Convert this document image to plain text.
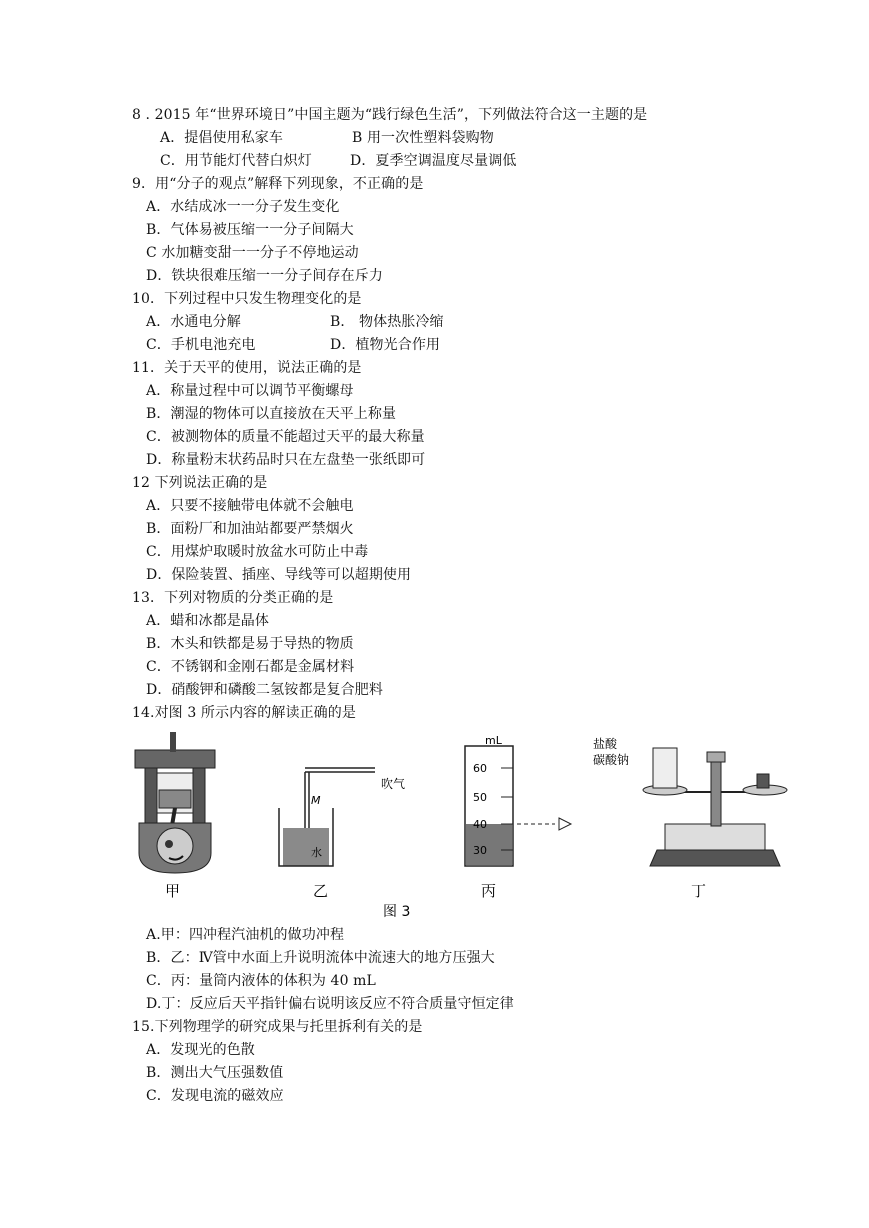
8 . 2015 年“世界环境日”中国主题为“践行绿色生活”，下列做法符合这一主题的是
A．提倡使用私家车	B 用一次性塑料袋购物
C．用节能灯代替白炽灯	D．夏季空调温度尽量调低
9．用“分子的观点”解释下列现象，不正确的是
A．水结成冰一一分子发生变化
B．气体易被压缩一一分子间隔大
C 水加糖变甜一一分子不停地运动
D．铁块很难压缩一一分子间存在斥力
10．下列过程中只发生物理变化的是
A．水通电分解	B． 物体热胀冷缩
C．手机电池充电	D．植物光合作用
11．关于天平的使用，说法正确的是
A．称量过程中可以调节平衡螺母
B．潮湿的物体可以直接放在天平上称量
C．被测物体的质量不能超过天平的最大称量
D．称量粉末状药品时只在左盘垫一张纸即可
12 下列说法正确的是
A．只要不接触带电体就不会触电
B．面粉厂和加油站都要严禁烟火
C．用煤炉取暖时放盆水可防止中毒
D．保险装置、插座、导线等可以超期使用
13．下列对物质的分类正确的是
A．蜡和冰都是晶体
B．木头和铁都是易于导热的物质
C．不锈钢和金刚石都是金属材料
D．硝酸钾和磷酸二氢铵都是复合肥料
14.对图 3 所示内容的解读正确的是
M
吹气
水
60
50
40
30
mL	盐酸
碳酸钠
甲	乙	丙	丁
图 3
A.甲：四冲程汽油机的做功冲程
B．乙：Ⅳ管中水面上升说明流体中流速大的地方压强大
C．丙：量筒内液体的体积为 40 mL
D.丁：反应后天平指针偏右说明该反应不符合质量守恒定律
15.下列物理学的研究成果与托里拆利有关的是
A．发现光的色散
B．测出大气压强数值
C．发现电流的磁效应
